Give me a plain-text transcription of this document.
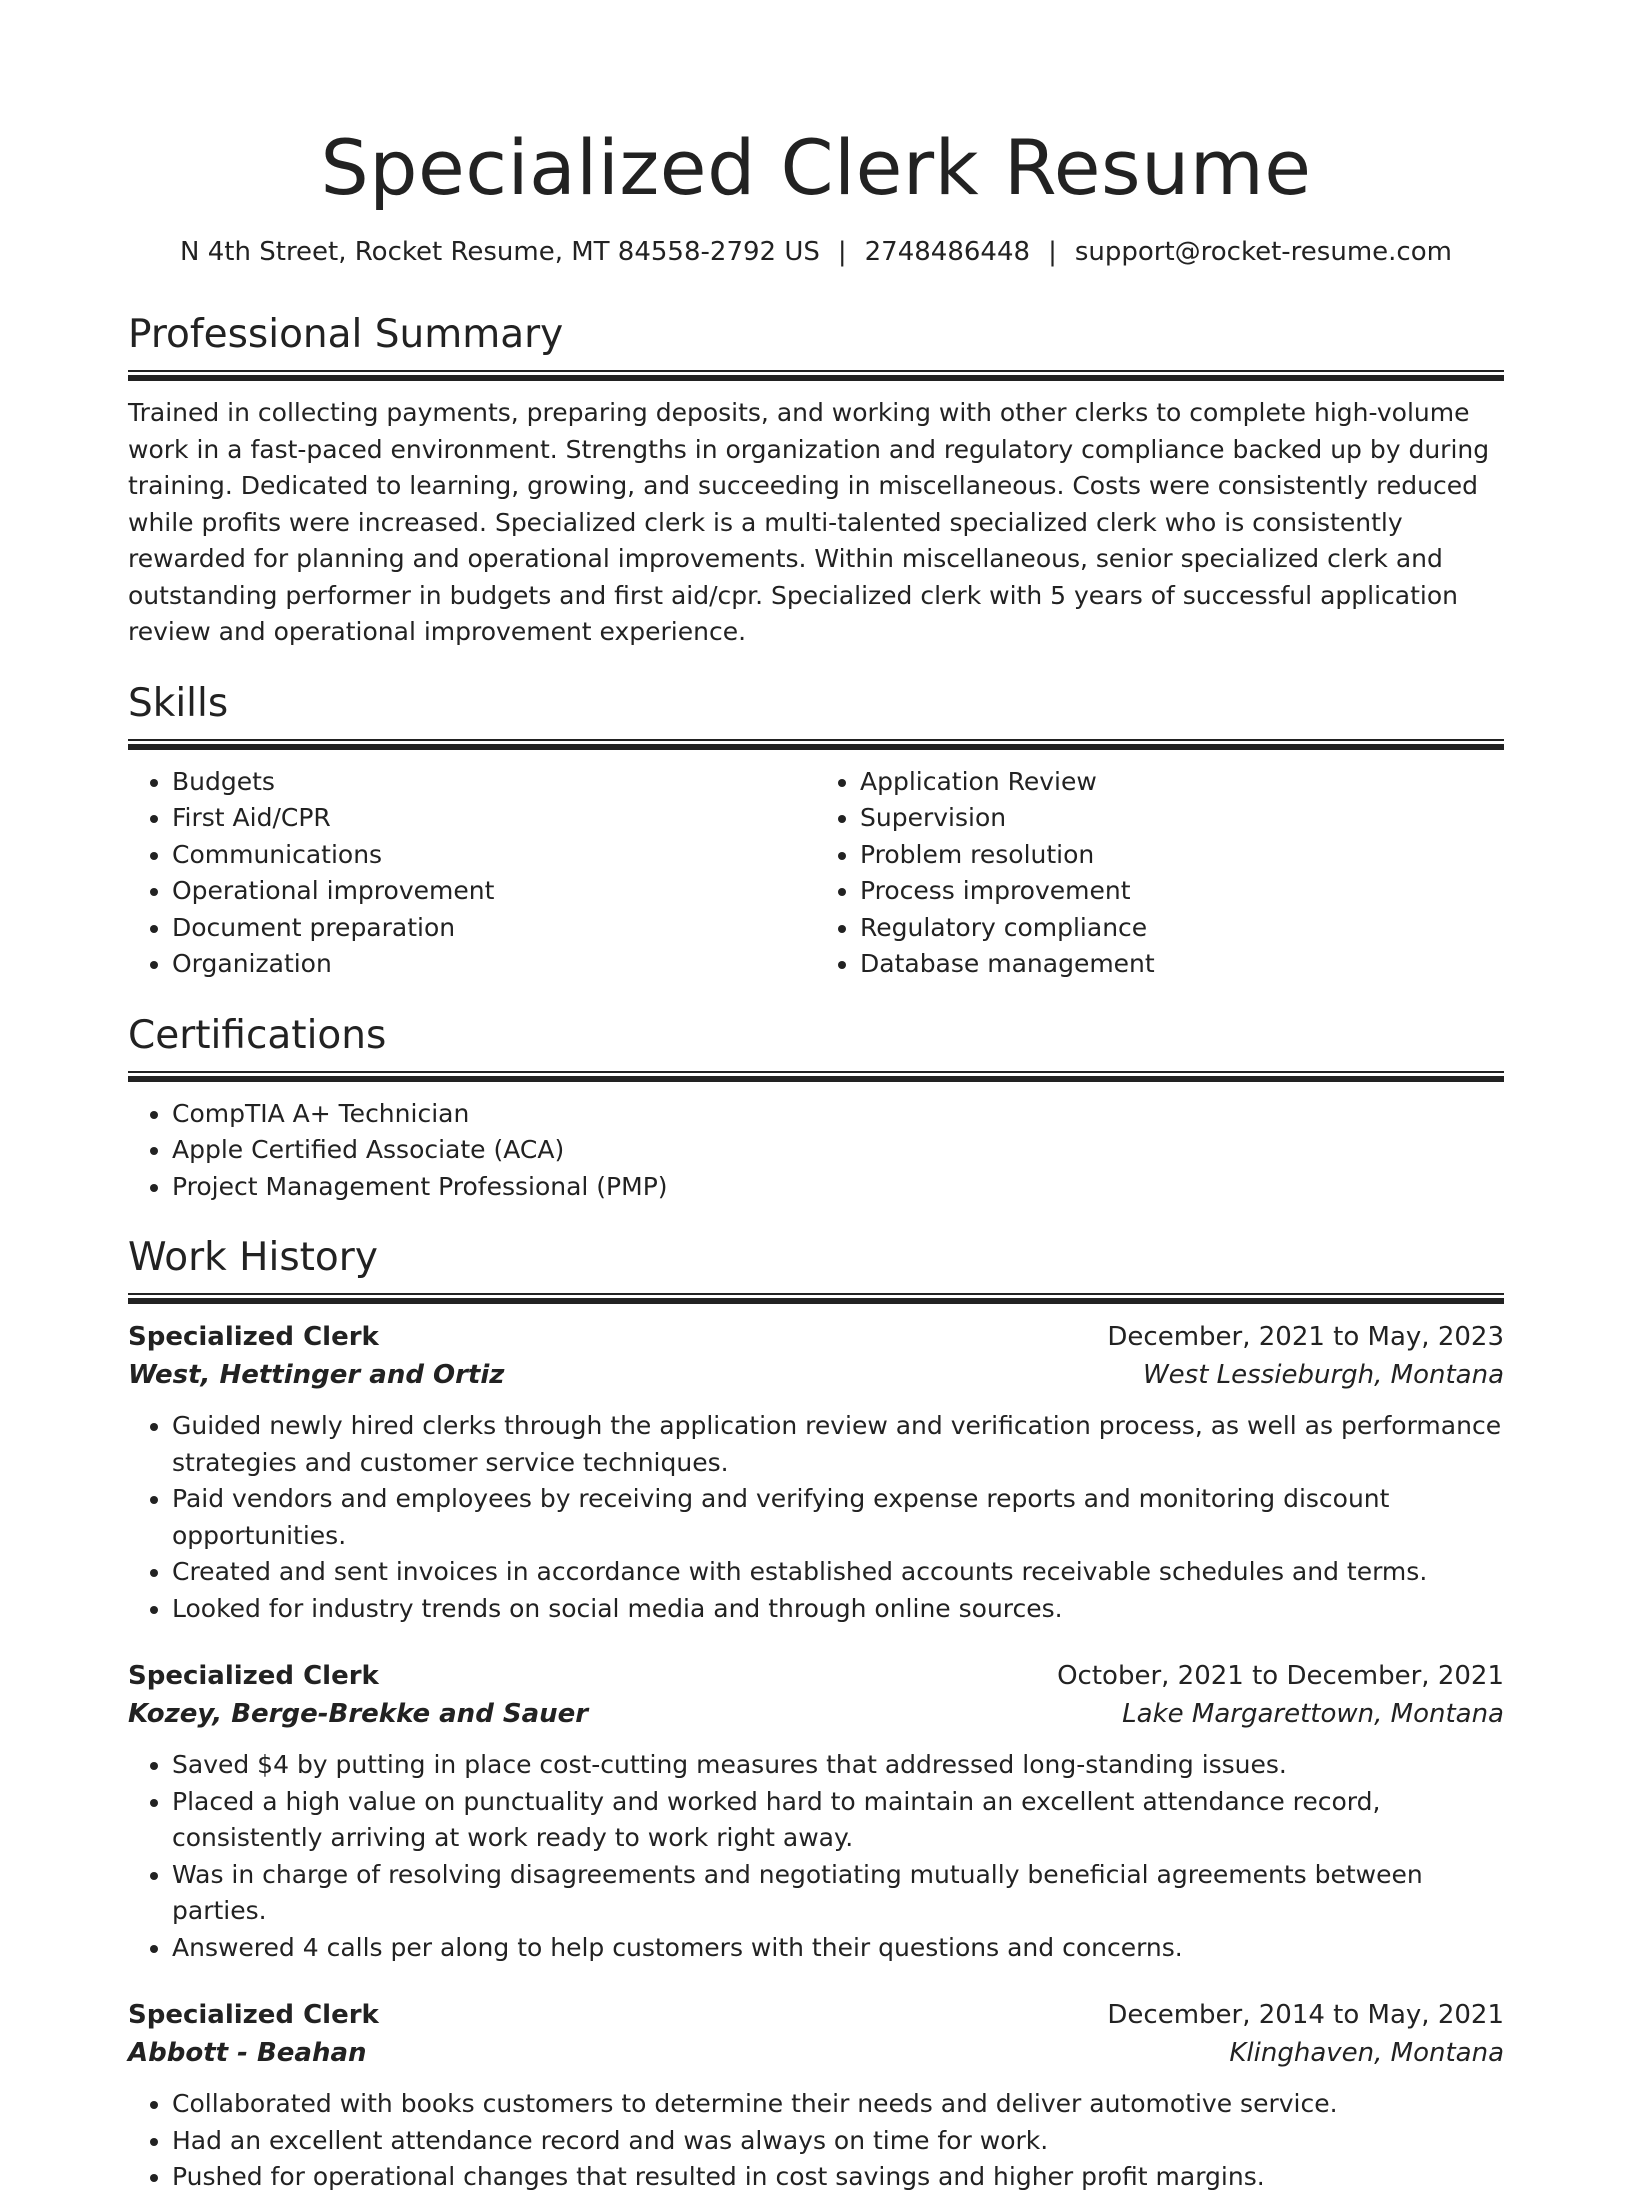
Specialized Clerk Resume
N 4th Street, Rocket Resume, MT 84558-2792 US | 2748486448 | support@rocket-resume.com
Professional Summary

Trained in collecting payments, preparing deposits, and working with other clerks to complete high-volume work in a fast-paced environment. Strengths in organization and regulatory compliance backed up by during training. Dedicated to learning, growing, and succeeding in miscellaneous. Costs were consistently reduced while profits were increased. Specialized clerk is a multi-talented specialized clerk who is consistently rewarded for planning and operational improvements. Within miscellaneous, senior specialized clerk and outstanding performer in budgets and first aid/cpr. Specialized clerk with 5 years of successful application review and operational improvement experience.

Skills
• Budgets
• First Aid/CPR
• Communications
• Operational improvement
• Document preparation
• Organization
• Application Review
• Supervision
• Problem resolution
• Process improvement
• Regulatory compliance
• Database management
Certifications
• CompTIA A+ Technician
• Apple Certified Associate (ACA)
• Project Management Professional (PMP)
Work History
Specialized Clerk	December, 2021 to May, 2023
West, Hettinger and Ortiz	West Lessieburgh, Montana
• Guided newly hired clerks through the application review and verification process, as well as performance strategies and customer service techniques.
• Paid vendors and employees by receiving and verifying expense reports and monitoring discount opportunities.
• Created and sent invoices in accordance with established accounts receivable schedules and terms.
• Looked for industry trends on social media and through online sources.
Specialized Clerk	October, 2021 to December, 2021
Kozey, Berge-Brekke and Sauer	Lake Margarettown, Montana
• Saved $4 by putting in place cost-cutting measures that addressed long-standing issues.
• Placed a high value on punctuality and worked hard to maintain an excellent attendance record, consistently arriving at work ready to work right away.
• Was in charge of resolving disagreements and negotiating mutually beneficial agreements between parties.
• Answered 4 calls per along to help customers with their questions and concerns.
Specialized Clerk	December, 2014 to May, 2021
Abbott - Beahan	Klinghaven, Montana
• Collaborated with books customers to determine their needs and deliver automotive service.
• Had an excellent attendance record and was always on time for work.
• Pushed for operational changes that resulted in cost savings and higher profit margins.
